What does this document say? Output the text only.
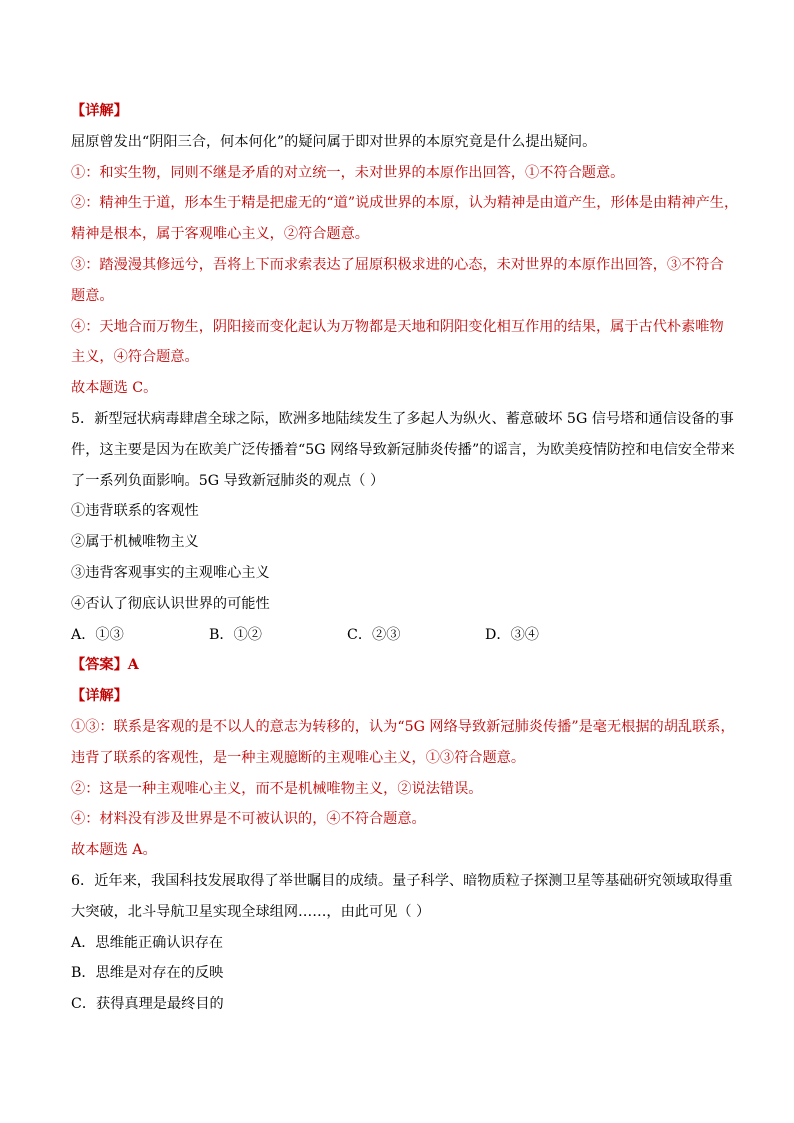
【详解】
屈原曾发出“阴阳三合，何本何化”的疑问属于即对世界的本原究竟是什么提出疑问。
①：和实生物，同则不继是矛盾的对立统一，未对世界的本原作出回答，①不符合题意。
②：精神生于道，形本生于精是把虚无的“道”说成世界的本原，认为精神是由道产生，形体是由精神产生，
精神是根本，属于客观唯心主义，②符合题意。
③：踏漫漫其修远兮，吾将上下而求索表达了屈原积极求进的心态，未对世界的本原作出回答，③不符合
题意。
④：天地合而万物生，阴阳接而变化起认为万物都是天地和阴阳变化相互作用的结果，属于古代朴素唯物
主义，④符合题意。
故本题选 C。
5．新型冠状病毒肆虐全球之际，欧洲多地陆续发生了多起人为纵火、蓄意破坏 5G 信号塔和通信设备的事
件，这主要是因为在欧美广泛传播着“5G 网络导致新冠肺炎传播”的谣言，为欧美疫情防控和电信安全带来
了一系列负面影响。5G 导致新冠肺炎的观点（ ）
①违背联系的客观性
②属于机械唯物主义
③违背客观事实的主观唯心主义
④否认了彻底认识世界的可能性
A．①③	B．①②	C．②③	D．③④
【答案】A
【详解】
①③：联系是客观的是不以人的意志为转移的，认为“5G 网络导致新冠肺炎传播”是毫无根据的胡乱联系，
违背了联系的客观性，是一种主观臆断的主观唯心主义，①③符合题意。
②：这是一种主观唯心主义，而不是机械唯物主义，②说法错误。
④：材料没有涉及世界是不可被认识的，④不符合题意。
故本题选 A。
6．近年来，我国科技发展取得了举世瞩目的成绩。量子科学、暗物质粒子探测卫星等基础研究领域取得重
大突破，北斗导航卫星实现全球组网……，由此可见（ ）
A．思维能正确认识存在
B．思维是对存在的反映
C．获得真理是最终目的
